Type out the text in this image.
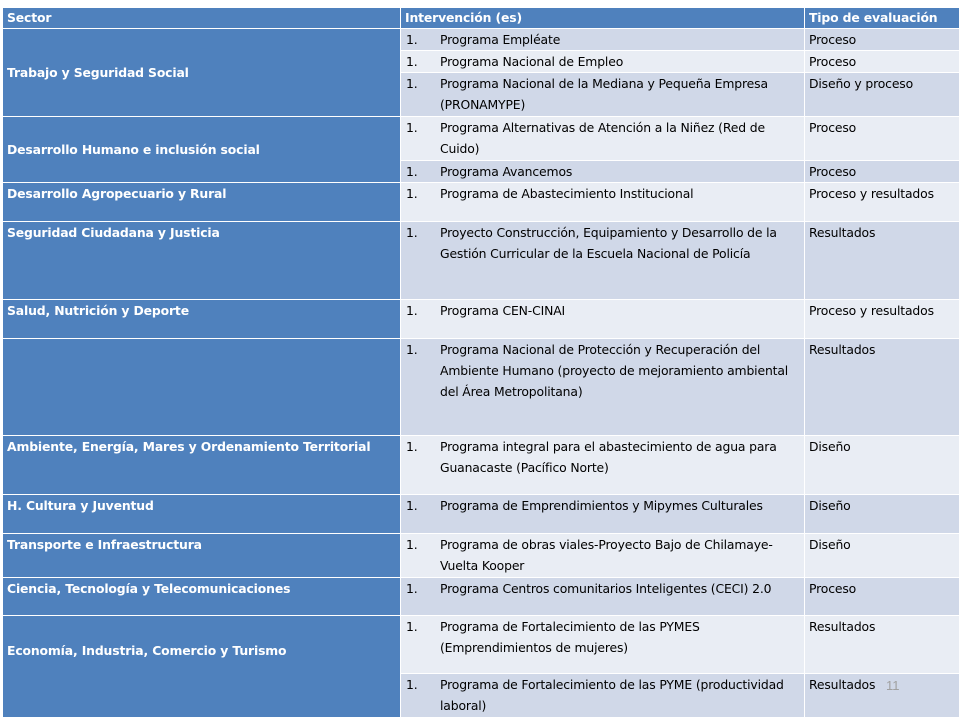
Sector	Intervención (es)	Tipo de evaluación
Trabajo y Seguridad Social	1. Programa Empléate	Proceso

	1. Programa Nacional de Empleo	Proceso

	1. Programa Nacional de la Mediana y Pequeña Empresa (PRONAMYPE)	Diseño y proceso
Desarrollo Humano e inclusión social	1. Programa Alternativas de Atención a la Niñez (Red de Cuido)	Proceso

	1. Programa Avancemos	Proceso
Desarrollo Agropecuario y Rural	1. Programa de Abastecimiento Institucional	Proceso y resultados
Seguridad Ciudadana y Justicia	1. Proyecto Construcción, Equipamiento y Desarrollo de la Gestión Curricular de la Escuela Nacional de Policía	Resultados
Salud, Nutrición y Deporte	1. Programa CEN-CINAI	Proceso y resultados

	1. Programa Nacional de Protección y Recuperación del Ambiente Humano (proyecto de mejoramiento ambiental del Área Metropolitana)	Resultados
Ambiente, Energía, Mares y Ordenamiento Territorial	1. Programa integral para el abastecimiento de agua para Guanacaste (Pacífico Norte)	Diseño
H. Cultura y Juventud	1. Programa de Emprendimientos y Mipymes Culturales	Diseño
Transporte e Infraestructura	1. Programa de obras viales-Proyecto Bajo de Chilamaye-Vuelta Kooper	Diseño
Ciencia, Tecnología y Telecomunicaciones	1. Programa Centros comunitarios Inteligentes (CECI) 2.0	Proceso
Economía, Industria, Comercio y Turismo	1. Programa de Fortalecimiento de las PYMES (Emprendimientos de mujeres)	Resultados

	1. Programa de Fortalecimiento de las PYME (productividad laboral)	Resultados 11
